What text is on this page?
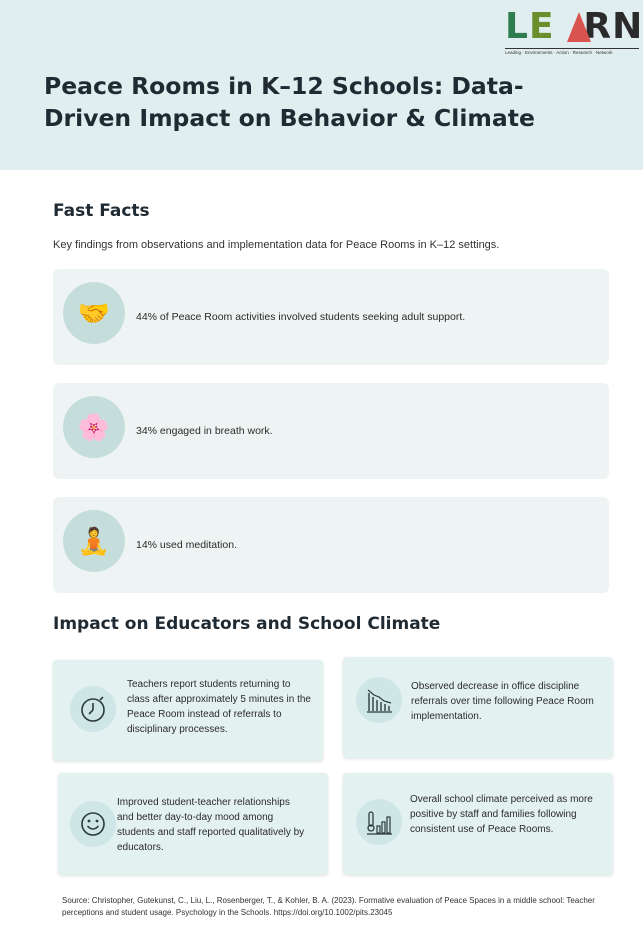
LE RN
Leading · Environments · Action · Research · Network
Peace Rooms in K–12 Schools: Data-Driven Impact on Behavior & Climate
Fast Facts

Key findings from observations and implementation data for Peace Rooms in K–12 settings.

🤝	44% of Peace Room activities involved students seeking adult support.
🌸	34% engaged in breath work.
🧘	14% used meditation.
Impact on Educators and School Climate
Teachers report students returning to class after approximately 5 minutes in the Peace Room instead of referrals to disciplinary processes.
Observed decrease in office discipline referrals over time following Peace Room implementation.
Improved student-teacher relationships and better day-to-day mood among students and staff reported qualitatively by educators.
Overall school climate perceived as more positive by staff and families following consistent use of Peace Rooms.

Source: Christopher, Gutekunst, C., Liu, L., Rosenberger, T., & Kohler, B. A. (2023). Formative evaluation of Peace Spaces in a middle school: Teacher perceptions and student usage. Psychology in the Schools. https://doi.org/10.1002/pits.23045
